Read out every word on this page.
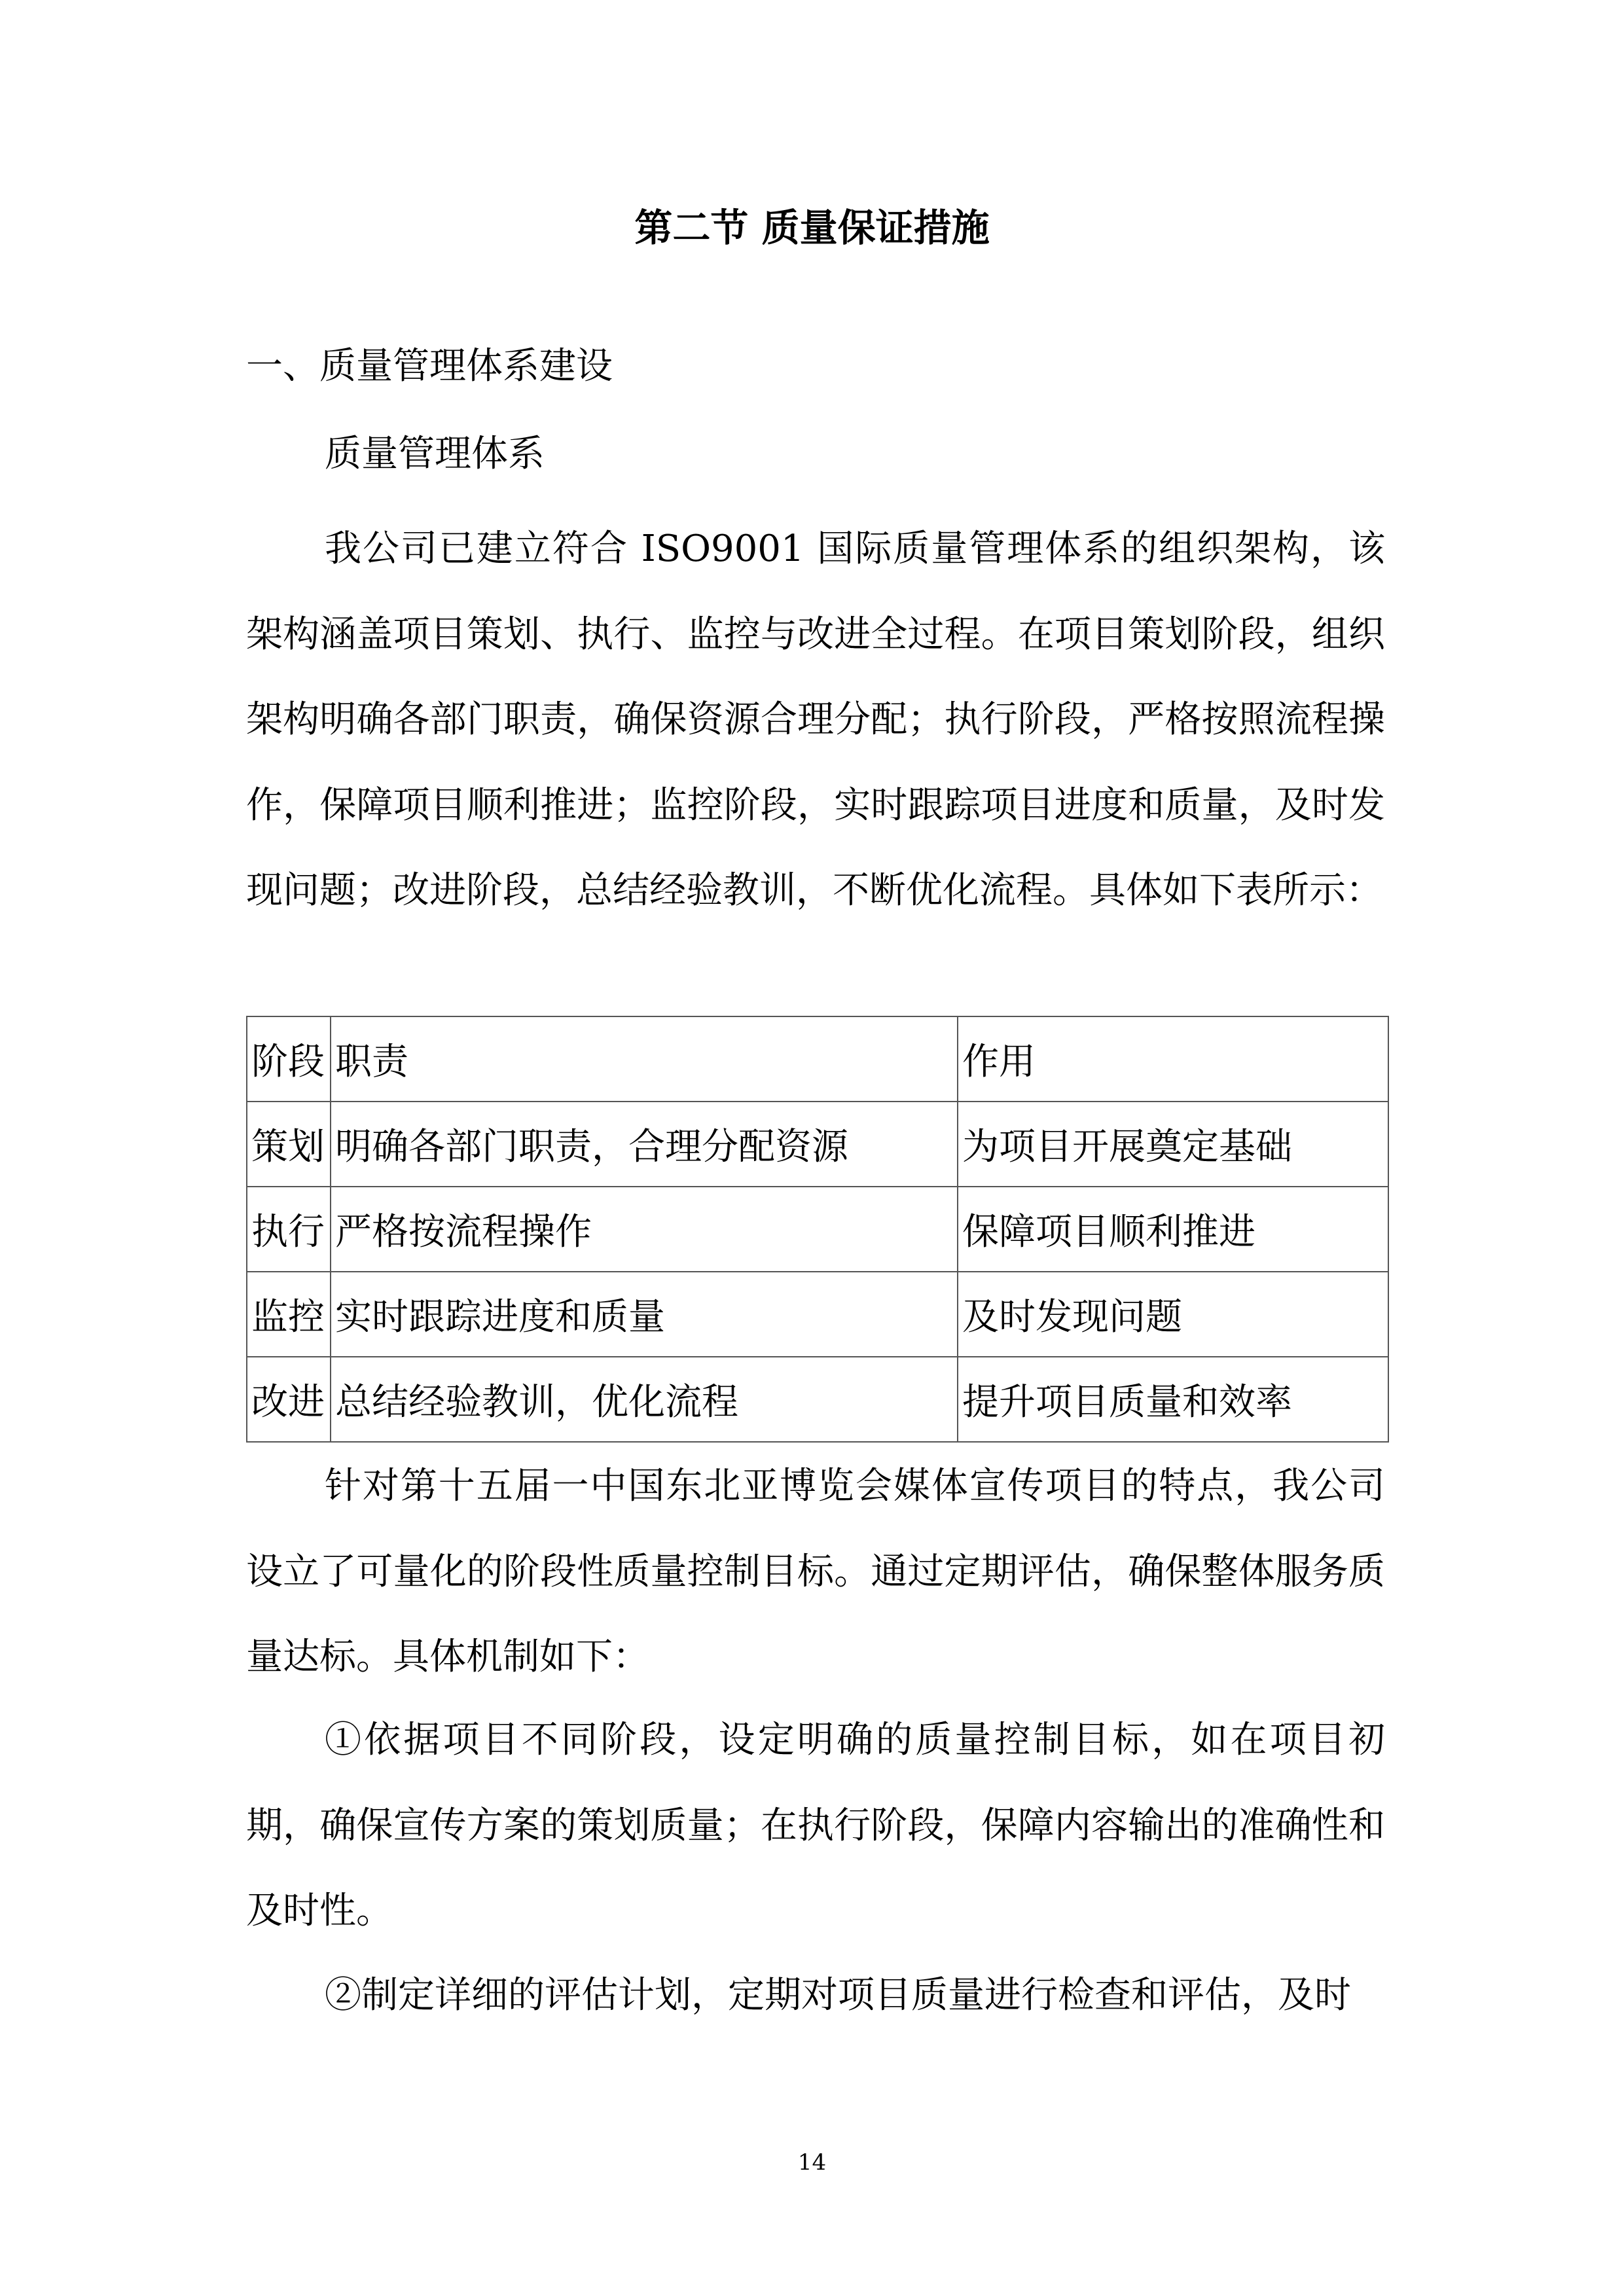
第二节 质量保证措施
一、质量管理体系建设
质量管理体系

我公司已建立符合 ISO9001 国际质量管理体系的组织架构，该架构涵盖项目策划、执行、监控与改进全过程。在项目策划阶段，组织架构明确各部门职责，确保资源合理分配；执行阶段，严格按照流程操作，保障项目顺利推进；监控阶段，实时跟踪项目进度和质量，及时发现问题；改进阶段，总结经验教训，不断优化流程。具体如下表所示：

阶段	职责	作用
策划	明确各部门职责，合理分配资源	为项目开展奠定基础
执行	严格按流程操作	保障项目顺利推进
监控	实时跟踪进度和质量	及时发现问题
改进	总结经验教训，优化流程	提升项目质量和效率

针对第十五届一中国东北亚博览会媒体宣传项目的特点，我公司设立了可量化的阶段性质量控制目标。通过定期评估，确保整体服务质量达标。具体机制如下：

①依据项目不同阶段，设定明确的质量控制目标，如在项目初期，确保宣传方案的策划质量；在执行阶段，保障内容输出的准确性和及时性。

②制定详细的评估计划，定期对项目质量进行检查和评估，及时

14
